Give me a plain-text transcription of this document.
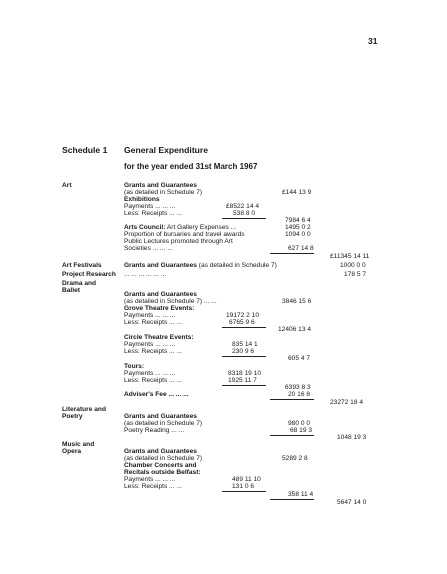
31
Schedule 1 General Expenditure
for the year ended 31st March 1967
Art	Grants and Guarantees
(as detailed in Schedule 7)	£144 13 9
Exhibitions
Payments ... ... ...	£8522 14 4
Less: Receipts ... ...	538 8 0
7984 6 4
Arts Council: Art Gallery Expenses ...	1495 0 2
Proportion of bursaries and travel awards	1094 0 0
Public Lectures promoted through Art
Societies ... ... ...	627 14 8
£11345 14 11
Art Festivals	Grants and Guarantees (as detailed in Schedule 7)	1000 0 0
Project Research ... ... ... ... ... ...	178 5 7
Drama and
Ballet
Grants and Guarantees
(as detailed in Schedule 7) ... ...	3846 15 6
Grove Theatre Events:
Payments ... ... ...	19172 2 10
Less: Receipts ... ...	6765 9 6
12406 13 4
Circle Theatre Events:
Payments ... ... ...	835 14 1
Less: Receipts ... ...	230 9 6
605 4 7
Tours:
Payments ... ... ...	8318 19 10
Less: Receipts ... ...	1925 11 7
6393 8 3
Adviser's Fee ... ... ...	20 16 8
23272 18 4
Literature and
Poetry	Grants and Guarantees
(as detailed in Schedule 7)	980 0 0
Poetry Reading ... ...	68 19 3
1048 19 3
Music and
Opera	Grants and Guarantees
(as detailed in Schedule 7)	5289 2 8
Chamber Concerts and
Recitals outside Belfast:
Payments ... ... ...	489 11 10
Less: Receipts ... ...	131 0 6
358 11 4
5647 14 0
